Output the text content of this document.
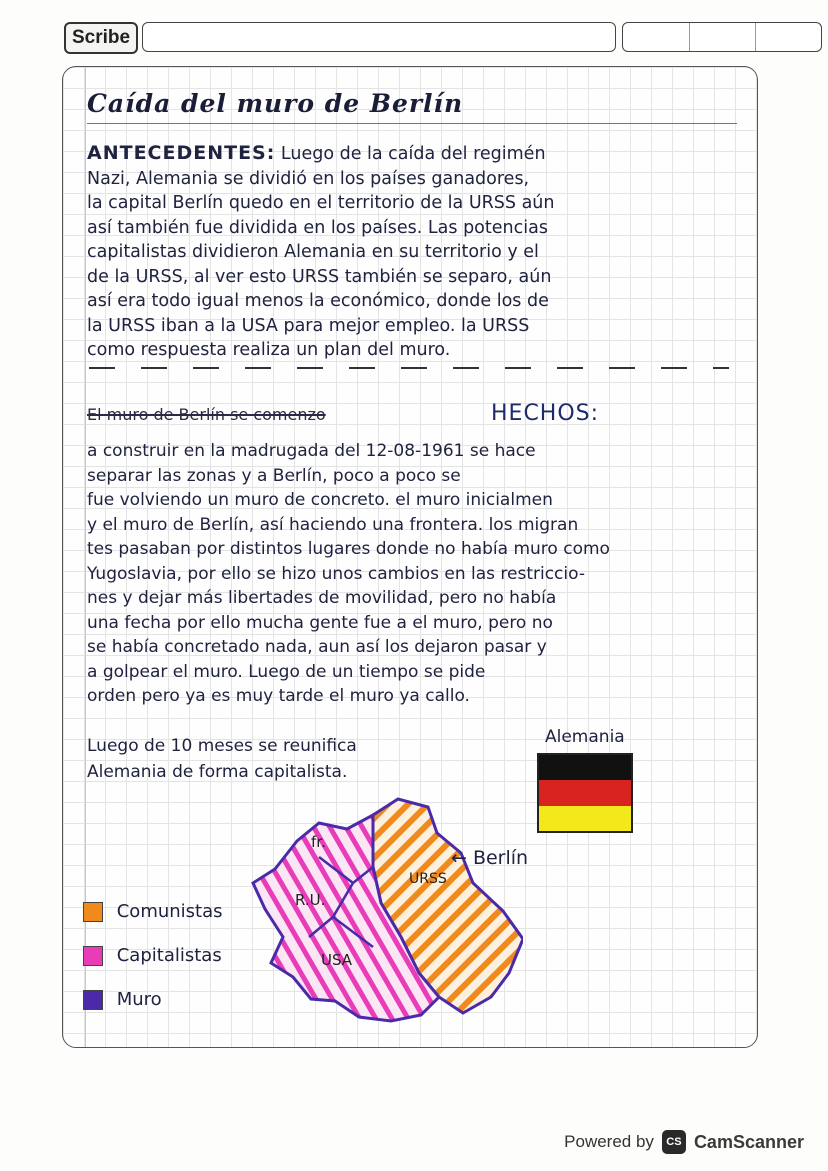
Scribe
Caída del muro de Berlín
ANTECEDENTES: Luego de la caída del regimén
Nazi, Alemania se dividió en los países ganadores,
la capital Berlín quedo en el territorio de la URSS aún
así también fue dividida en los países. Las potencias
capitalistas dividieron Alemania en su territorio y el
de la URSS, al ver esto URSS también se separo, aún
así era todo igual menos la económico, donde los de
la URSS iban a la USA para mejor empleo. la URSS
como respuesta realiza un plan del muro.
El muro de Berlín se comenzo	HECHOS:
a construir en la madrugada del 12-08-1961 se hace
separar las zonas y a Berlín, poco a poco se
fue volviendo un muro de concreto. el muro inicialmen
y el muro de Berlín, así haciendo una frontera. los migran
tes pasaban por distintos lugares donde no había muro como
Yugoslavia, por ello se hizo unos cambios en las restriccio-
nes y dejar más libertades de movilidad, pero no había
una fecha por ello mucha gente fue a el muro, pero no
se había concretado nada, aun así los dejaron pasar y
a golpear el muro. Luego de un tiempo se pide
orden pero ya es muy tarde el muro ya callo.
Luego de 10 meses se reunifica
Alemania de forma capitalista.
Alemania
fr.
R.U.
USA
URSS
← Berlín
Comunistas
Capitalistas
Muro
Powered by	CS CamScanner
